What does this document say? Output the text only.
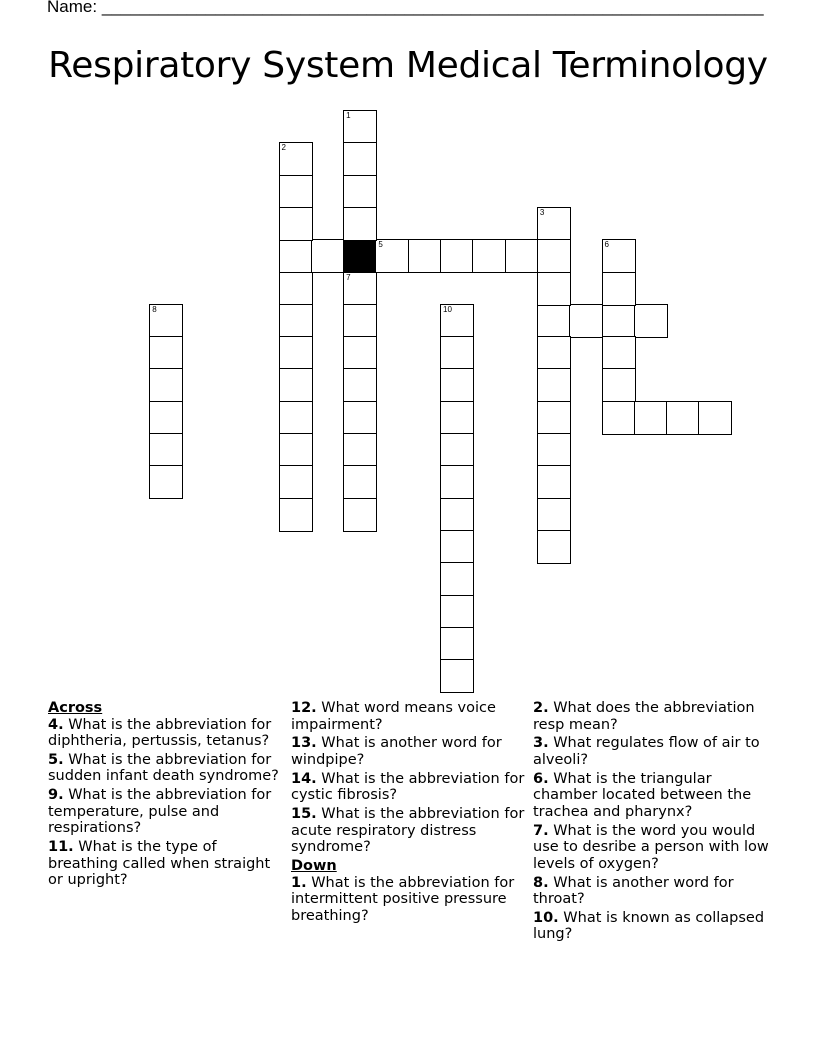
Name: ______________________________________________________________________
Respiratory System Medical Terminology
5
1
7
2
3
6
8	10

Across

4. What is the abbreviation for diphtheria, pertussis, tetanus?

5. What is the abbreviation for sudden infant death syndrome?

9. What is the abbreviation for temperature, pulse and respirations?

11. What is the type of breathing called when straight or upright?

12. What word means voice impairment?

13. What is another word for windpipe?

14. What is the abbreviation for cystic fibrosis?

15. What is the abbreviation for acute respiratory distress syndrome?

Down

1. What is the abbreviation for intermittent positive pressure breathing?

2. What does the abbreviation resp mean?

3. What regulates flow of air to alveoli?

6. What is the triangular chamber located between the trachea and pharynx?

7. What is the word you would use to desribe a person with low levels of oxygen?

8. What is another word for throat?

10. What is known as collapsed lung?
